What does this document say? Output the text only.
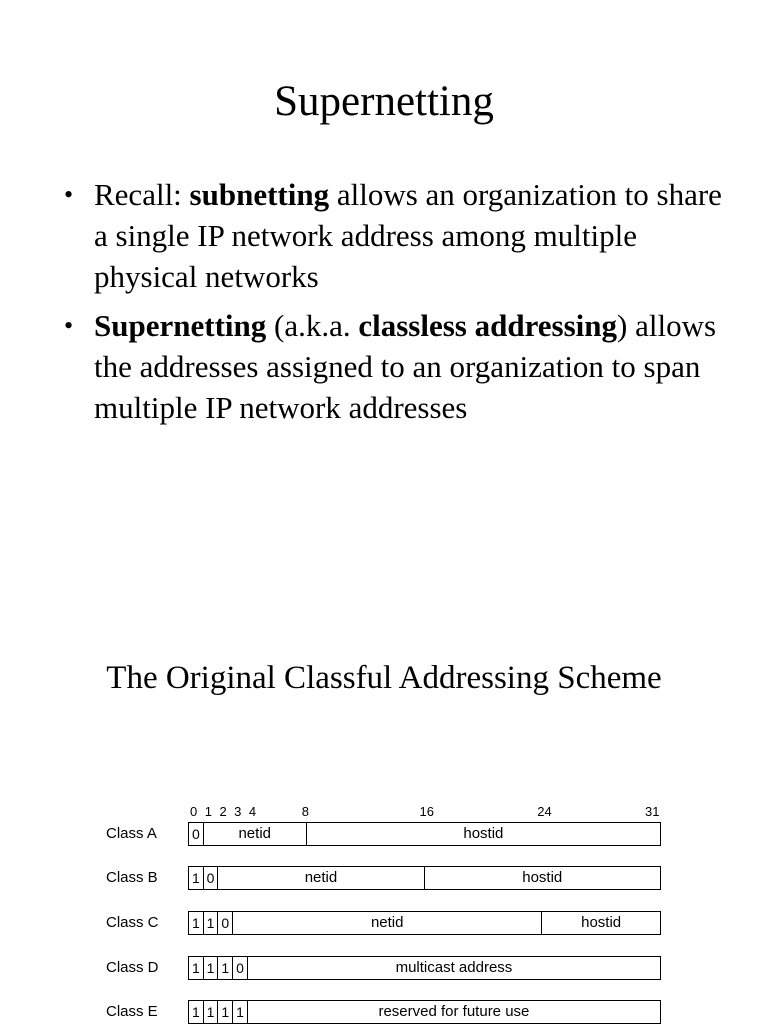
Supernetting
• Recall: subnetting allows an organization to share a single IP network address among multiple physical networks
• Supernetting (a.k.a. classless addressing) allows the addresses assigned to an organization to span multiple IP network addresses
The Original Classful Addressing Scheme
0 1 2 3 4	8	16	24	31
Class A	0	netid	hostid
Class B 1 0	netid	hostid
Class C 1 1 0	netid	hostid
Class D 1 1 1 0	multicast address
Class E 1 1 1 1	reserved for future use
